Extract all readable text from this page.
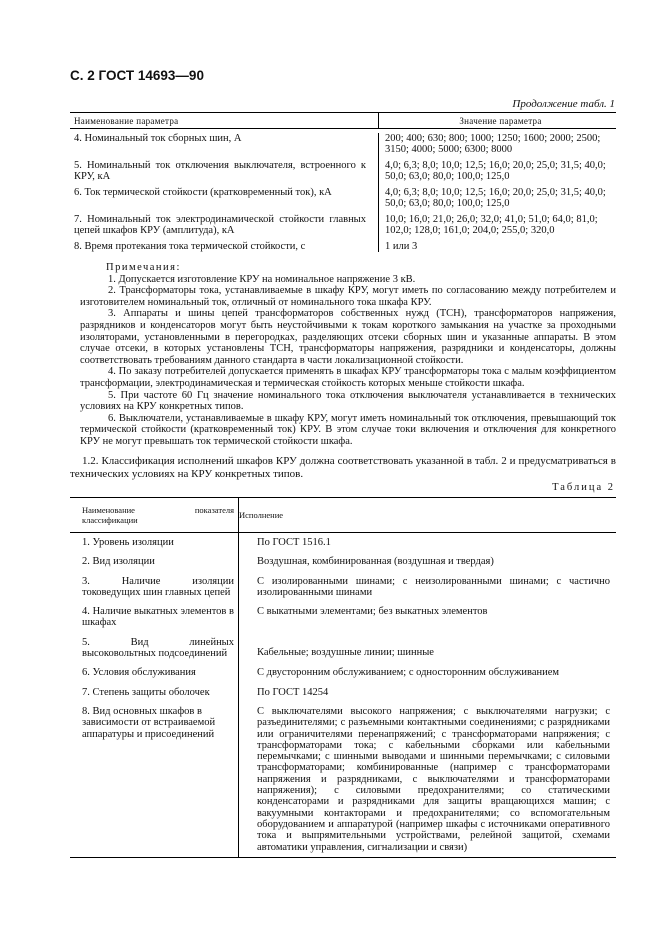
С. 2 ГОСТ 14693—90
Продолжение табл. 1
Наименование параметра	Значение параметра

4. Номинальный ток сборных шин, А	200; 400; 630; 800; 1000; 1250; 1600; 2000; 2500; 3150; 4000; 5000; 6300; 8000
5. Номинальный ток отключения выключателя, встроенного к КРУ, кА	4,0; 6,3; 8,0; 10,0; 12,5; 16,0; 20,0; 25,0; 31,5; 40,0; 50,0; 63,0; 80,0; 100,0; 125,0
6. Ток термической стойкости (кратковременный ток), кА	4,0; 6,3; 8,0; 10,0; 12,5; 16,0; 20,0; 25,0; 31,5; 40,0; 50,0; 63,0; 80,0; 100,0; 125,0
7. Номинальный ток электродинамической стойкости главных цепей шкафов КРУ (амплитуда), кА	10,0; 16,0; 21,0; 26,0; 32,0; 41,0; 51,0; 64,0; 81,0; 102,0; 128,0; 161,0; 204,0; 255,0; 320,0
8. Время протекания тока термической стойкости, с	1 или 3
Примечания:

1. Допускается изготовление КРУ на номинальное напряжение 3 кВ.

2. Трансформаторы тока, устанавливаемые в шкафу КРУ, могут иметь по согласованию между потребителем и изготовителем номинальный ток, отличный от номинального тока шкафа КРУ.

3. Аппараты и шины цепей трансформаторов собственных нужд (ТСН), трансформаторов напряжения, разрядников и конденсаторов могут быть неустойчивыми к токам короткого замыкания на участке за проходными изоляторами, установленными в перегородках, разделяющих отсеки сборных шин и указанные аппараты. В этом случае отсеки, в которых установлены ТСН, трансформаторы напряжения, разрядники и конденсаторы, должны соответствовать требованиям данного стандарта в части локализационной стойкости.

4. По заказу потребителей допускается применять в шкафах КРУ трансформаторы тока с малым коэффициентом трансформации, электродинамическая и термическая стойкость которых меньше стойкости шкафа.

5. При частоте 60 Гц значение номинального тока отключения выключателя устанавливается в технических условиях на КРУ конкретных типов.

6. Выключатели, устанавливаемые в шкафу КРУ, могут иметь номинальный ток отключения, превышающий ток термической стойкости (кратковременный ток) КРУ. В этом случае токи включения и отключения для конкретного КРУ не могут превышать ток термической стойкости шкафа.

1.2. Классификация исполнений шкафов КРУ должна соответствовать указанной в табл. 2 и предусматриваться в технических условиях на КРУ конкретных типов.

Таблица 2
Наименование показателя классификации	Исполнение
1. Уровень изоляции	По ГОСТ 1516.1
2. Вид изоляции	Воздушная, комбинированная (воздушная и твердая)
3. Наличие изоляции токоведущих шин главных цепей	С изолированными шинами; с неизолированными шинами; с частично изолированными шинами
4. Наличие выкатных элементов в шкафах	С выкатными элементами; без выкатных элементов
5. Вид линейных высоковольтных подсоединений	Кабельные; воздушные линии; шинные
6. Условия обслуживания	С двусторонним обслуживанием; с односторонним обслуживанием
7. Степень защиты оболочек	По ГОСТ 14254
8. Вид основных шкафов в зависимости от встраиваемой аппаратуры и присоединений	С выключателями высокого напряжения; с выключателями нагрузки; с разъединителями; с разъемными контактными соединениями; с разрядниками или ограничителями перенапряжений; с трансформаторами напряжения; с трансформаторами тока; с кабельными сборками или кабельными перемычками; с шинными выводами и шинными перемычками; с силовыми трансформаторами; комбинированные (например с трансформаторами напряжения и разрядниками, с выключателями и трансформаторами напряжения); с силовыми предохранителями; со статическими конденсаторами и разрядниками для защиты вращающихся машин; с вакуумными контакторами и предохранителями; со вспомогательным оборудованием и аппаратурой (например шкафы с источниками оперативного тока и выпрямительными устройствами, релейной защитой, схемами автоматики управления, сигнализации и связи)
